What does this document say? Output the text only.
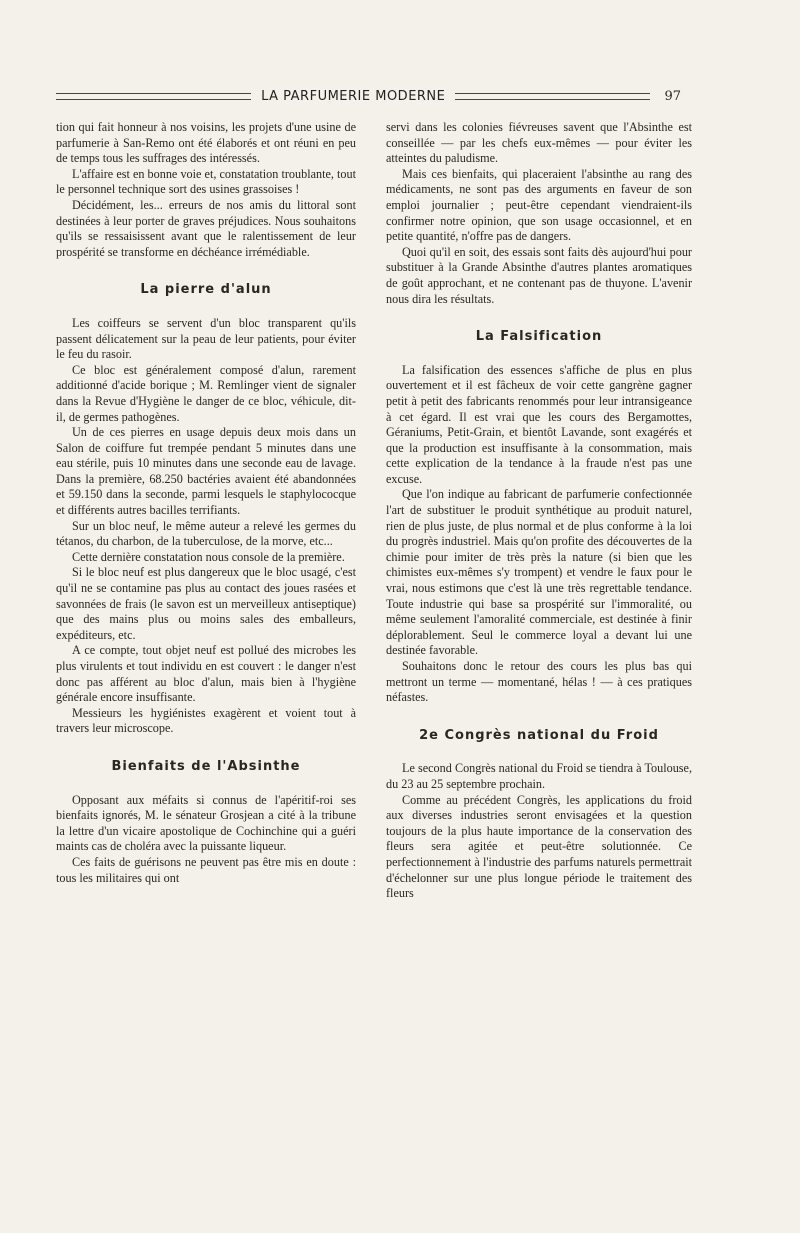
LA PARFUMERIE MODERNE	97

tion qui fait honneur à nos voisins, les projets d'une usine de parfumerie à San-Remo ont été élaborés et ont réuni en peu de temps tous les suffrages des intéressés.

L'affaire est en bonne voie et, constatation troublante, tout le personnel technique sort des usines grassoises !

Décidément, les... erreurs de nos amis du littoral sont destinées à leur porter de graves préjudices. Nous souhaitons qu'ils se ressaisissent avant que le ralentissement de leur prospérité se transforme en déchéance irrémédiable.

La pierre d'alun

Les coiffeurs se servent d'un bloc transparent qu'ils passent délicatement sur la peau de leur patients, pour éviter le feu du rasoir.

Ce bloc est généralement composé d'alun, rarement additionné d'acide borique ; M. Remlinger vient de signaler dans la Revue d'Hygiène le danger de ce bloc, véhicule, dit-il, de germes pathogènes.

Un de ces pierres en usage depuis deux mois dans un Salon de coiffure fut trempée pendant 5 minutes dans une eau stérile, puis 10 minutes dans une seconde eau de lavage. Dans la première, 68.250 bactéries avaient été abandonnées et 59.150 dans la seconde, parmi lesquels le staphylococque et différents autres bacilles terrifiants.

Sur un bloc neuf, le même auteur a relevé les germes du tétanos, du charbon, de la tuberculose, de la morve, etc...

Cette dernière constatation nous console de la première.

Si le bloc neuf est plus dangereux que le bloc usagé, c'est qu'il ne se contamine pas plus au contact des joues rasées et savonnées de frais (le savon est un merveilleux antiseptique) que des mains plus ou moins sales des emballeurs, expéditeurs, etc.

A ce compte, tout objet neuf est pollué des microbes les plus virulents et tout individu en est couvert : le danger n'est donc pas afférent au bloc d'alun, mais bien à l'hygiène générale encore insuffisante.

Messieurs les hygiénistes exagèrent et voient tout à travers leur microscope.

Bienfaits de l'Absinthe

Opposant aux méfaits si connus de l'apéritif-roi ses bienfaits ignorés, M. le sénateur Grosjean a cité à la tribune la lettre d'un vicaire apostolique de Cochinchine qui a guéri maints cas de choléra avec la puissante liqueur.

Ces faits de guérisons ne peuvent pas être mis en doute : tous les militaires qui ont

servi dans les colonies fiévreuses savent que l'Absinthe est conseillée — par les chefs eux-mêmes — pour éviter les atteintes du paludisme.

Mais ces bienfaits, qui placeraient l'absinthe au rang des médicaments, ne sont pas des arguments en faveur de son emploi journalier ; peut-être cependant viendraient-ils confirmer notre opinion, que son usage occasionnel, et en petite quantité, n'offre pas de dangers.

Quoi qu'il en soit, des essais sont faits dès aujourd'hui pour substituer à la Grande Absinthe d'autres plantes aromatiques de goût approchant, et ne contenant pas de thuyone. L'avenir nous dira les résultats.

La Falsification

La falsification des essences s'affiche de plus en plus ouvertement et il est fâcheux de voir cette gangrène gagner petit à petit des fabricants renommés pour leur intransigeance à cet égard. Il est vrai que les cours des Bergamottes, Géraniums, Petit-Grain, et bientôt Lavande, sont exagérés et que la production est insuffisante à la consommation, mais cette explication de la tendance à la fraude n'est pas une excuse.

Que l'on indique au fabricant de parfumerie confectionnée l'art de substituer le produit synthétique au produit naturel, rien de plus juste, de plus normal et de plus conforme à la loi du progrès industriel. Mais qu'on profite des découvertes de la chimie pour imiter de très près la nature (si bien que les chimistes eux-mêmes s'y trompent) et vendre le faux pour le vrai, nous estimons que c'est là une très regrettable tendance. Toute industrie qui base sa prospérité sur l'immoralité, ou même seulement l'amoralité commerciale, est destinée à finir déplorablement. Seul le commerce loyal a devant lui une destinée favorable.

Souhaitons donc le retour des cours les plus bas qui mettront un terme — momentané, hélas ! — à ces pratiques néfastes.

2e Congrès national du Froid

Le second Congrès national du Froid se tiendra à Toulouse, du 23 au 25 septembre prochain.

Comme au précédent Congrès, les applications du froid aux diverses industries seront envisagées et la question toujours de la plus haute importance de la conservation des fleurs sera agitée et peut-être solutionnée. Ce perfectionnement à l'industrie des parfums naturels permettrait d'échelonner sur une plus longue période le traitement des fleurs
